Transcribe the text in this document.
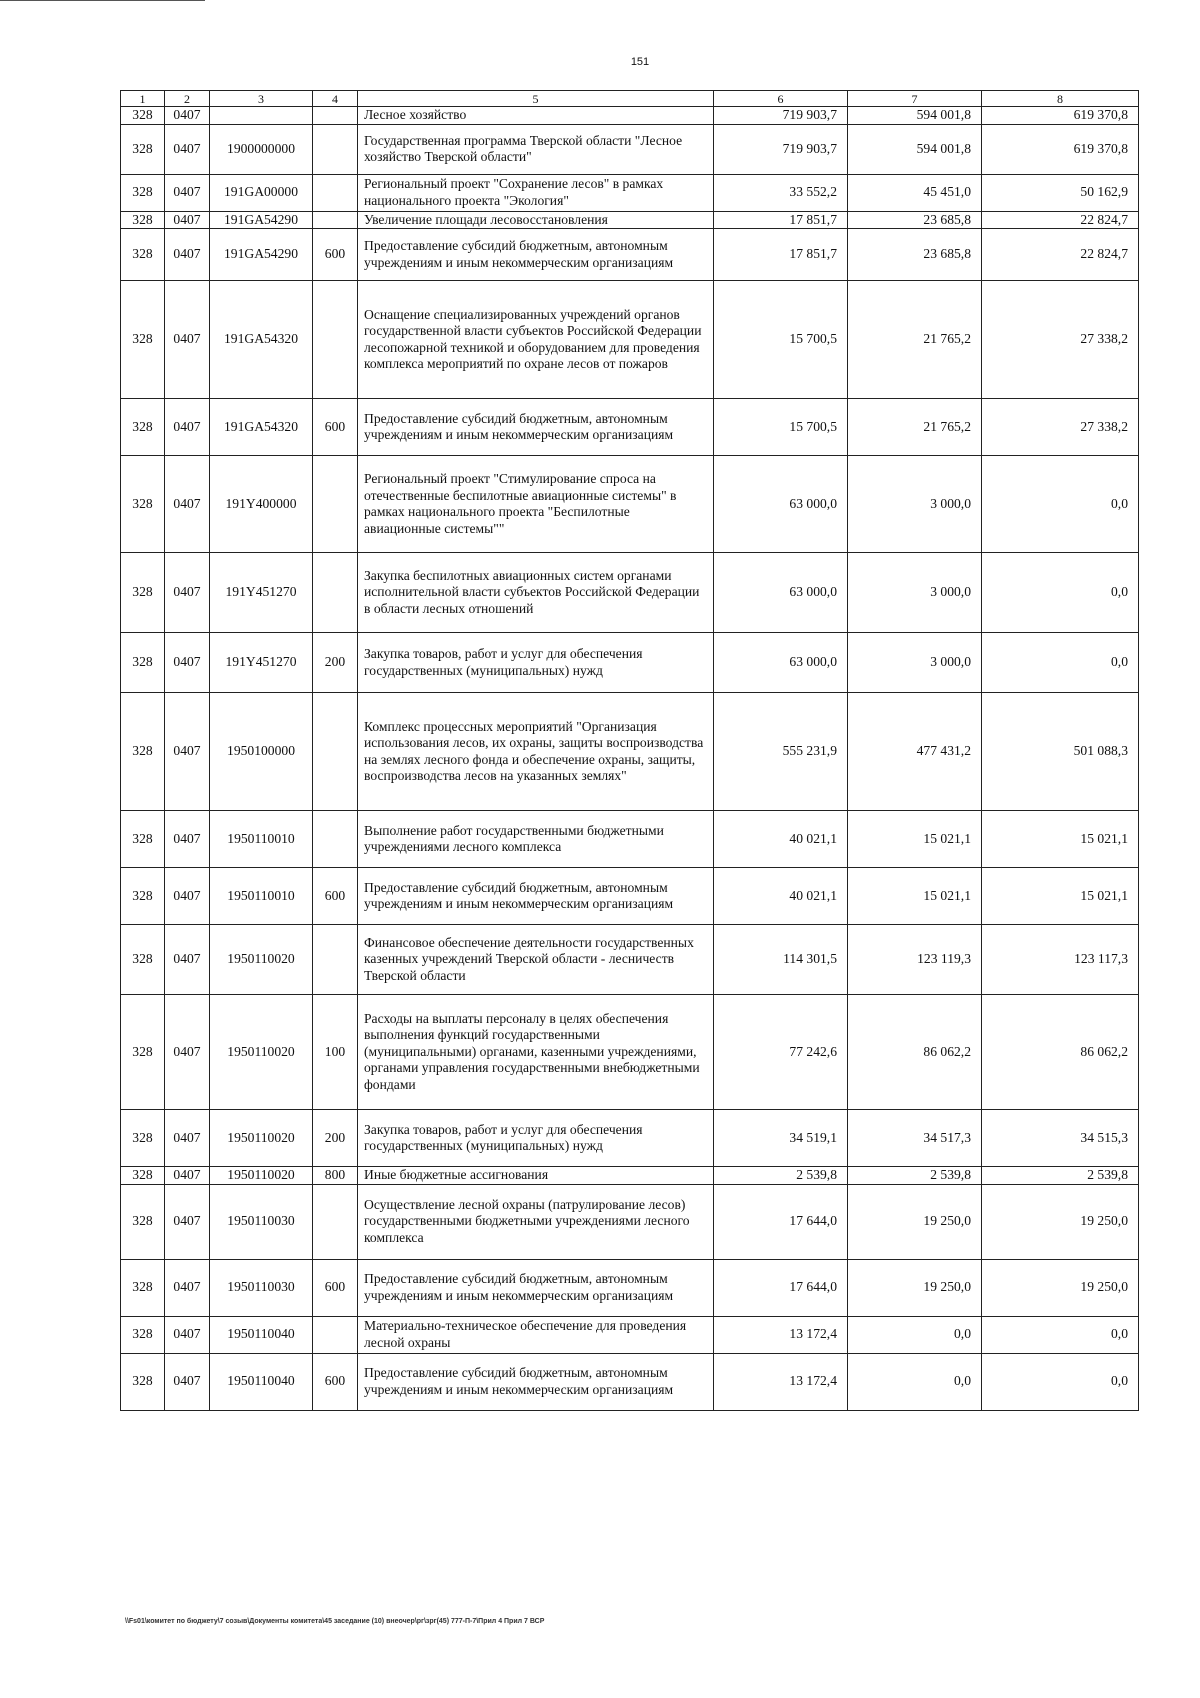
151
1	2	3	4	5	6	7	8
328	0407			Лесное хозяйство	719 903,7	594 001,8	619 370,8
328	0407	1900000000		Государственная программа Тверской области "Лесное хозяйство Тверской области"	719 903,7	594 001,8	619 370,8
328	0407	191GA00000		Региональный проект "Сохранение лесов" в рамках национального проекта "Экология"	33 552,2	45 451,0	50 162,9
328	0407	191GA54290		Увеличение площади лесовосстановления	17 851,7	23 685,8	22 824,7
328	0407	191GA54290	600	Предоставление субсидий бюджетным, автономным учреждениям и иным некоммерческим организациям	17 851,7	23 685,8	22 824,7
328	0407	191GA54320		Оснащение специализированных учреждений органов государственной власти субъектов Российской Федерации лесопожарной техникой и оборудованием для проведения комплекса мероприятий по охране лесов от пожаров	15 700,5	21 765,2	27 338,2
328	0407	191GA54320	600	Предоставление субсидий бюджетным, автономным учреждениям и иным некоммерческим организациям	15 700,5	21 765,2	27 338,2
328	0407	191Y400000		Региональный проект "Стимулирование спроса на отечественные беспилотные авиационные системы" в рамках национального проекта "Беспилотные авиационные системы""	63 000,0	3 000,0	0,0
328	0407	191Y451270		Закупка беспилотных авиационных систем органами исполнительной власти субъектов Российской Федерации в области лесных отношений	63 000,0	3 000,0	0,0
328	0407	191Y451270	200	Закупка товаров, работ и услуг для обеспечения государственных (муниципальных) нужд	63 000,0	3 000,0	0,0
328	0407	1950100000		Комплекс процессных мероприятий "Организация использования лесов, их охраны, защиты воспроизводства на землях лесного фонда и обеспечение охраны, защиты, воспроизводства лесов на указанных землях"	555 231,9	477 431,2	501 088,3
328	0407	1950110010		Выполнение работ государственными бюджетными учреждениями лесного комплекса	40 021,1	15 021,1	15 021,1
328	0407	1950110010	600	Предоставление субсидий бюджетным, автономным учреждениям и иным некоммерческим организациям	40 021,1	15 021,1	15 021,1
328	0407	1950110020		Финансовое обеспечение деятельности государственных казенных учреждений Тверской области - лесничеств Тверской области	114 301,5	123 119,3	123 117,3
328	0407	1950110020	100	Расходы на выплаты персоналу в целях обеспечения выполнения функций государственными (муниципальными) органами, казенными учреждениями, органами управления государственными внебюджетными фондами	77 242,6	86 062,2	86 062,2
328	0407	1950110020	200	Закупка товаров, работ и услуг для обеспечения государственных (муниципальных) нужд	34 519,1	34 517,3	34 515,3
328	0407	1950110020	800	Иные бюджетные ассигнования	2 539,8	2 539,8	2 539,8
328	0407	1950110030		Осуществление лесной охраны (патрулирование лесов) государственными бюджетными учреждениями лесного комплекса	17 644,0	19 250,0	19 250,0
328	0407	1950110030	600	Предоставление субсидий бюджетным, автономным учреждениям и иным некоммерческим организациям	17 644,0	19 250,0	19 250,0
328	0407	1950110040		Материально-техническое обеспечение для проведения лесной охраны	13 172,4	0,0	0,0
328	0407	1950110040	600	Предоставление субсидий бюджетным, автономным учреждениям и иным некоммерческим организациям	13 172,4	0,0	0,0
\\Fs01\комитет по бюджету\7 созыв\Документы комитета\45 заседание (10) внеочер\рг\зрг(45) 777-П-7\Прил 4 Прил 7 ВСР
